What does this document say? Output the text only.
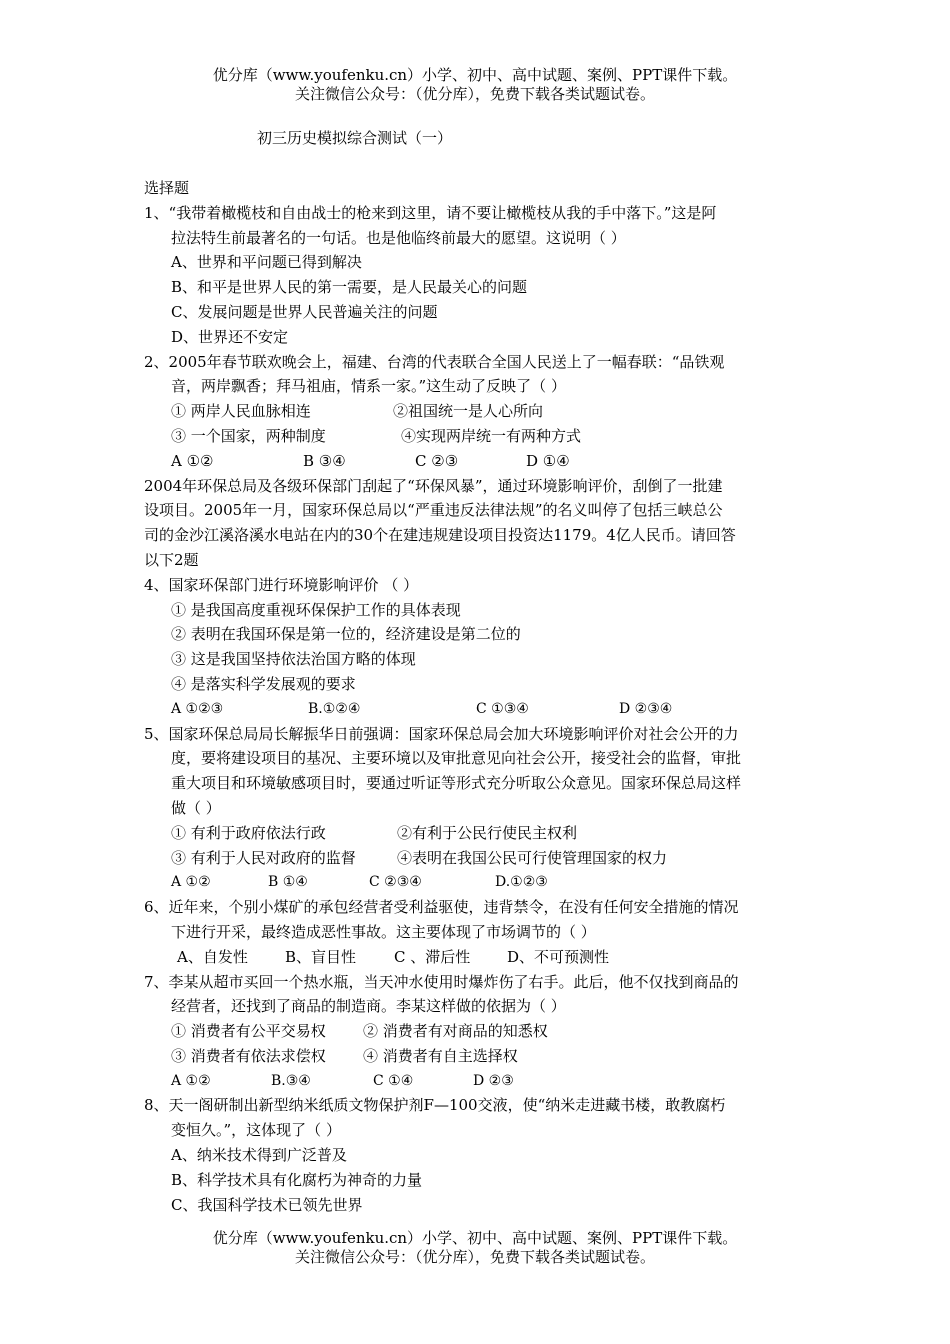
优分库（www.youfenku.cn）小学、初中、高中试题、案例、PPT课件下载。
关注微信公众号：（优分库），免费下载各类试题试卷。
初三历史模拟综合测试（一）
选择题
1、“我带着橄榄枝和自由战士的枪来到这里，请不要让橄榄枝从我的手中落下。”这是阿
拉法特生前最著名的一句话。也是他临终前最大的愿望。这说明（ ）
A、世界和平问题已得到解决
B、和平是世界人民的第一需要，是人民最关心的问题
C、发展问题是世界人民普遍关注的问题
D、世界还不安定
2、2005年春节联欢晚会上，福建、台湾的代表联合全国人民送上了一幅春联：“品铁观
音，两岸飘香；拜马祖庙，情系一家。”这生动了反映了（ ）
① 两岸人民血脉相连	②祖国统一是人心所向
③ 一个国家，两种制度	④实现两岸统一有两种方式
A ①②	B ③④	C ②③	D ①④
2004年环保总局及各级环保部门刮起了“环保风暴”，通过环境影响评价，刮倒了一批建
设项目。2005年一月，国家环保总局以“严重违反法律法规”的名义叫停了包括三峡总公
司的金沙江溪洛溪水电站在内的30个在建违规建设项目投资达1179。4亿人民币。请回答
以下2题
4、国家环保部门进行环境影响评价 （ ）
① 是我国高度重视环保保护工作的具体表现
② 表明在我国环保是第一位的，经济建设是第二位的
③ 这是我国坚持依法治国方略的体现
④ 是落实科学发展观的要求
A ①②③	B.①②④	C ①③④	D ②③④
5、国家环保总局局长解振华日前强调：国家环保总局会加大环境影响评价对社会公开的力
度，要将建设项目的基况、主要环境以及审批意见向社会公开，接受社会的监督，审批
重大项目和环境敏感项目时，要通过听证等形式充分听取公众意见。国家环保总局这样
做（ ）
① 有利于政府依法行政	②有利于公民行使民主权利
③ 有利于人民对政府的监督	④表明在我国公民可行使管理国家的权力
A ①②	B ①④	C ②③④	D.①②③
6、近年来，个别小煤矿的承包经营者受利益驱使，违背禁令，在没有任何安全措施的情况
下进行开采，最终造成恶性事故。这主要体现了市场调节的（ ）
A、自发性 B、盲目性	C 、滞后性 D、不可预测性
7、李某从超市买回一个热水瓶，当天冲水使用时爆炸伤了右手。此后，他不仅找到商品的
经营者，还找到了商品的制造商。李某这样做的依据为（ ）
① 消费者有公平交易权 ② 消费者有对商品的知悉权
③ 消费者有依法求偿权 ④ 消费者有自主选择权
A ①②	B.③④	C ①④	D ②③
8、天一阁研制出新型纳米纸质文物保护剂F—100交液，使“纳米走进藏书楼，敢教腐朽
变恒久。”，这体现了（ ）
A、纳米技术得到广泛普及
B、科学技术具有化腐朽为神奇的力量
C、我国科学技术已领先世界
优分库（www.youfenku.cn）小学、初中、高中试题、案例、PPT课件下载。
关注微信公众号：（优分库），免费下载各类试题试卷。
